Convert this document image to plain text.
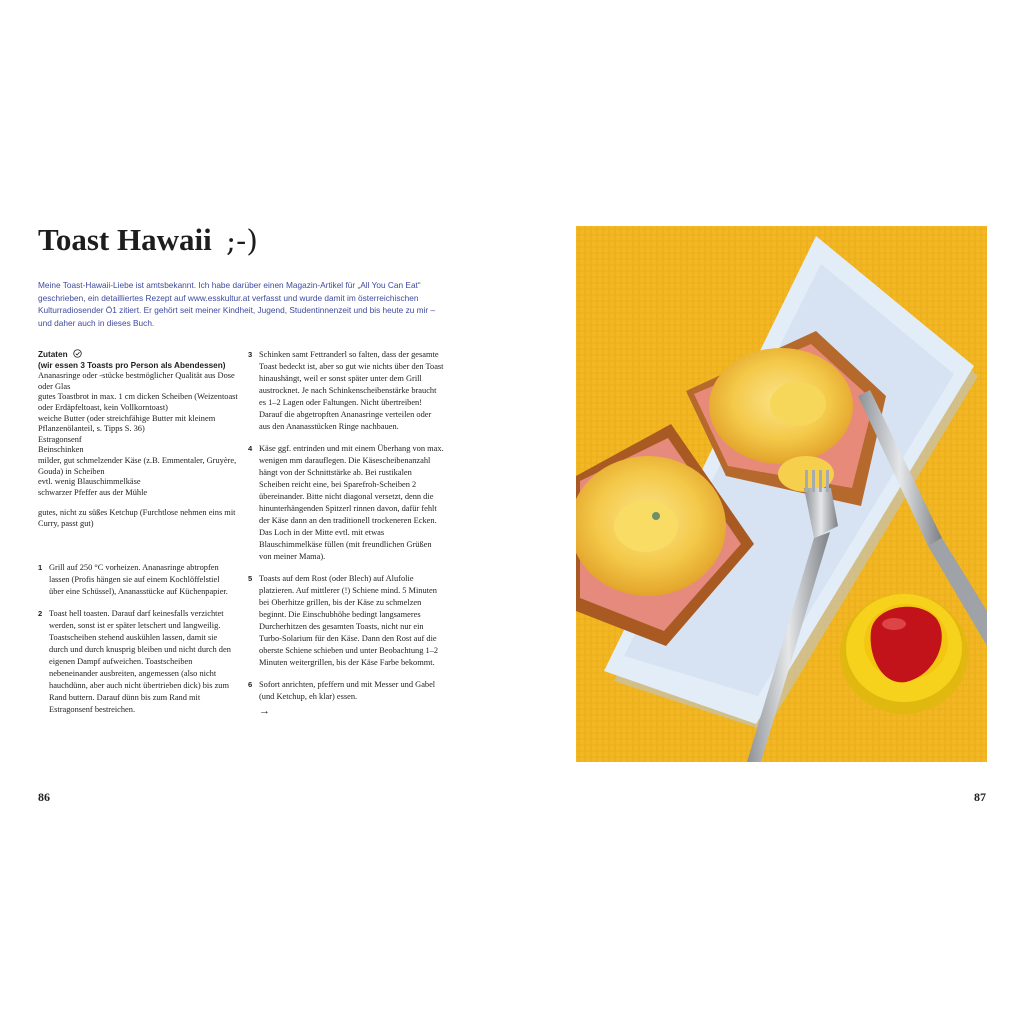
Toast Hawaii ;-)
Meine Toast-Hawaii-Liebe ist amtsbekannt. Ich habe darüber einen Magazin-Artikel für „All You Can Eat“ geschrieben, ein detailliertes Rezept auf www.esskultur.at verfasst und wurde damit im österreichischen Kulturradiosender Ö1 zitiert. Er gehört seit meiner Kindheit, Jugend, Studentinnenzeit und bis heute zu mir – und daher auch in dieses Buch.
Zutaten
(wir essen 3 Toasts pro Person als Abendessen)
Ananasringe oder -stücke bestmöglicher Qualität aus Dose oder Glas
gutes Toastbrot in max. 1 cm dicken Scheiben (Weizentoast oder Erdäpfeltoast, kein Vollkorntoast)
weiche Butter (oder streichfähige Butter mit kleinem Pflanzenölanteil, s. Tipps S. 36)
Estragonsenf
Beinschinken
milder, gut schmelzender Käse (z.B. Emmentaler, Gruyère, Gouda) in Scheiben
evtl. wenig Blauschimmelkäse
schwarzer Pfeffer aus der Mühle
gutes, nicht zu süßes Ketchup (Furchtlose nehmen eins mit Curry, passt gut)
1 Grill auf 250 °C vorheizen. Ananasringe abtropfen lassen (Profis hängen sie auf einem Kochlöffelstiel über eine Schüssel), Ananasstücke auf Küchenpapier.
2 Toast hell toasten. Darauf darf keinesfalls verzichtet werden, sonst ist er später letschert und langweilig. Toastscheiben stehend auskühlen lassen, damit sie durch und durch knusprig bleiben und nicht durch den eigenen Dampf aufweichen. Toastscheiben nebeneinander ausbreiten, angemessen (also nicht hauchdünn, aber auch nicht übertrieben dick) bis zum Rand buttern. Darauf dünn bis zum Rand mit Estragonsenf bestreichen.
3 Schinken samt Fettranderl so falten, dass der gesamte Toast bedeckt ist, aber so gut wie nichts über den Toast hinaushängt, weil er sonst später unter dem Grill austrocknet. Je nach Schinkenscheibenstärke braucht es 1–2 Lagen oder Faltungen. Nicht übertreiben! Darauf die abgetropften Ananasringe verteilen oder aus den Ananasstücken Ringe nachbauen.
4 Käse ggf. entrinden und mit einem Überhang von max. wenigen mm darauflegen. Die Käsescheibenanzahl hängt von der Schnittstärke ab. Bei rustikalen Scheiben reicht eine, bei Sparefroh-Scheiben 2 übereinander. Bitte nicht diagonal versetzt, denn die hinunterhängenden Spitzerl rinnen davon, dafür fehlt der Käse dann an den traditionell trockeneren Ecken. Das Loch in der Mitte evtl. mit etwas Blauschimmelkäse füllen (mit freundlichen Grüßen von meiner Mama).
5 Toasts auf dem Rost (oder Blech) auf Alufolie platzieren. Auf mittlerer (!) Schiene mind. 5 Minuten bei Oberhitze grillen, bis der Käse zu schmelzen beginnt. Die Einschubhöhe bedingt langsameres Durcherhitzen des gesamten Toasts, nicht nur ein Turbo-Solarium für den Käse. Dann den Rost auf die oberste Schiene schieben und unter Beobachtung 1–2 Minuten weitergrillen, bis der Käse Farbe bekommt.
6 Sofort anrichten, pfeffern und mit Messer und Gabel (und Ketchup, eh klar) essen.
→
86	87
